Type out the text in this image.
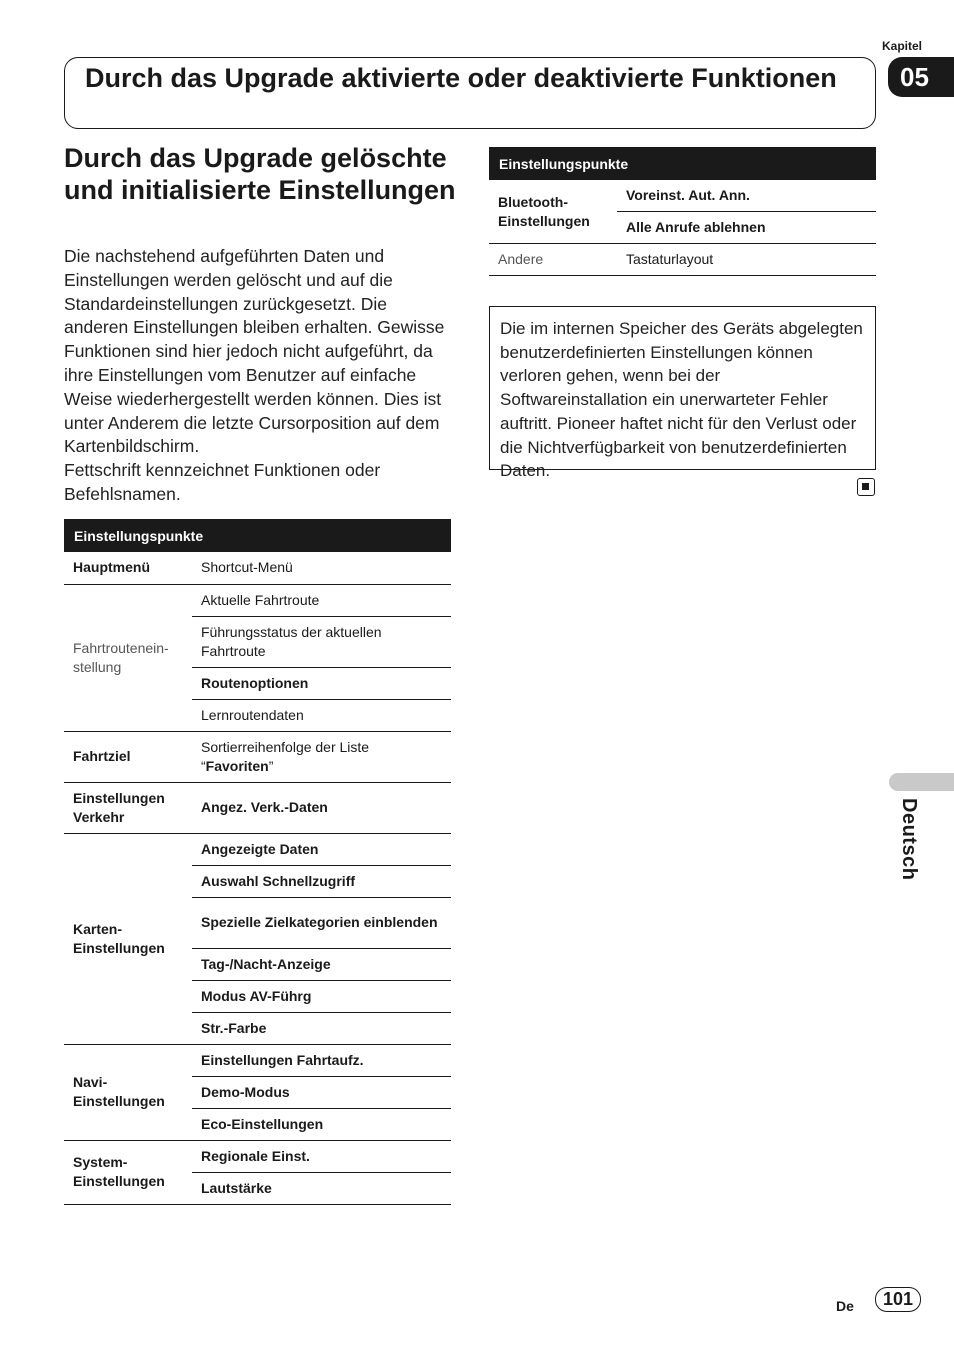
Kapitel
05
Durch das Upgrade aktivierte oder deaktivierte Funktionen
Durch das Upgrade gelöschte und initialisierte Einstellungen

Die nachstehend aufgeführten Daten und Einstellungen werden gelöscht und auf die Standardeinstellungen zurückgesetzt. Die anderen Einstellungen bleiben erhalten. Gewisse Funktionen sind hier jedoch nicht aufgeführt, da ihre Einstellungen vom Benutzer auf einfache Weise wiederhergestellt werden können. Dies ist unter Anderem die letzte Cursorposition auf dem Kartenbildschirm.

Fettschrift kennzeichnet Funktionen oder Befehlsnamen.

Einstellungspunkte	
Hauptmenü	Shortcut-Menü
Fahrtroutenein-
stellung	Aktuelle Fahrtroute
	Führungsstatus der aktuellen Fahrtroute
	Routenoptionen
	Lernroutendaten
Fahrtziel	Sortierreihenfolge der Liste “Favoriten”
Einstellungen Verkehr	Angez. Verk.-Daten
Karten-Einstellungen	Angezeigte Daten
	Auswahl Schnellzugriff
	Spezielle Zielkategorien einblenden
	Tag-/Nacht-Anzeige
	Modus AV-Führg
	Str.-Farbe
Navi-Einstellungen	Einstellungen Fahrtaufz.
	Demo-Modus
	Eco-Einstellungen
System-Einstellungen	Regionale Einst.
	Lautstärke
Einstellungspunkte	
Bluetooth-Einstellungen	Voreinst. Aut. Ann.
	Alle Anrufe ablehnen
Andere	Tastaturlayout
Die im internen Speicher des Geräts abgelegten benutzerdefinierten Einstellungen können verloren gehen, wenn bei der Softwareinstallation ein unerwarteter Fehler auftritt. Pioneer haftet nicht für den Verlust oder die Nichtverfügbarkeit von benutzerdefinierten Daten.
Deutsch
De	101
